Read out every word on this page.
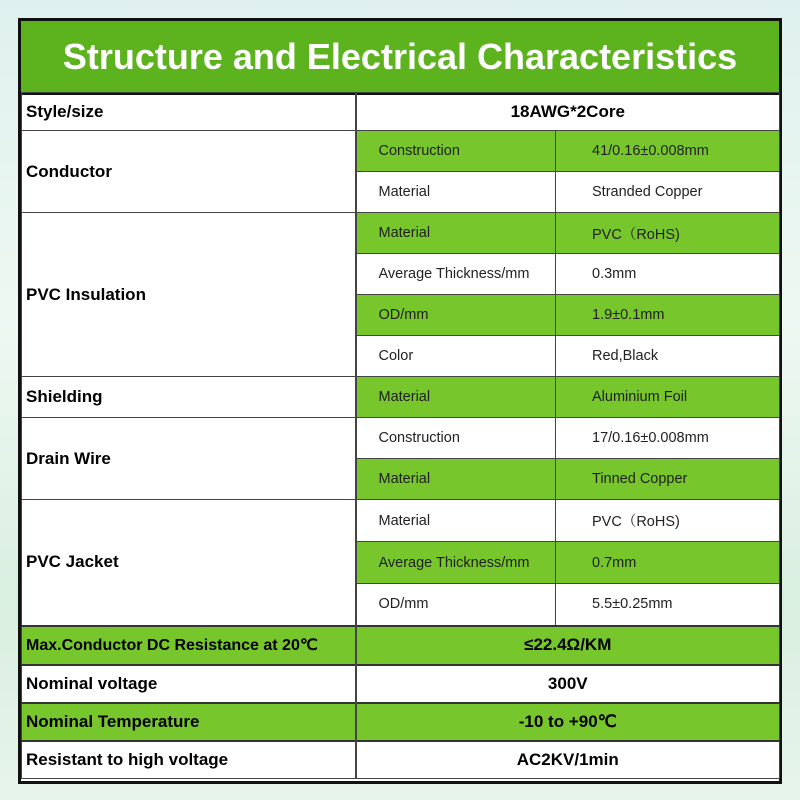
Structure and Electrical Characteristics
Style/size	18AWG*2Core	
Conductor	Construction	41/0.16±0.008mm
	Material	Stranded Copper
PVC Insulation	Material	PVC（RoHS)
	Average Thickness/mm	0.3mm
	OD/mm	1.9±0.1mm
	Color	Red,Black
Shielding	Material	Aluminium Foil
Drain Wire	Construction	17/0.16±0.008mm
	Material	Tinned Copper
PVC Jacket	Material	PVC（RoHS)
	Average Thickness/mm	0.7mm
	OD/mm	5.5±0.25mm
Max.Conductor DC Resistance at 20℃	≤22.4Ω/KM	
Nominal voltage	300V	
Nominal Temperature	-10 to +90℃	
Resistant to high voltage	AC2KV/1min	
